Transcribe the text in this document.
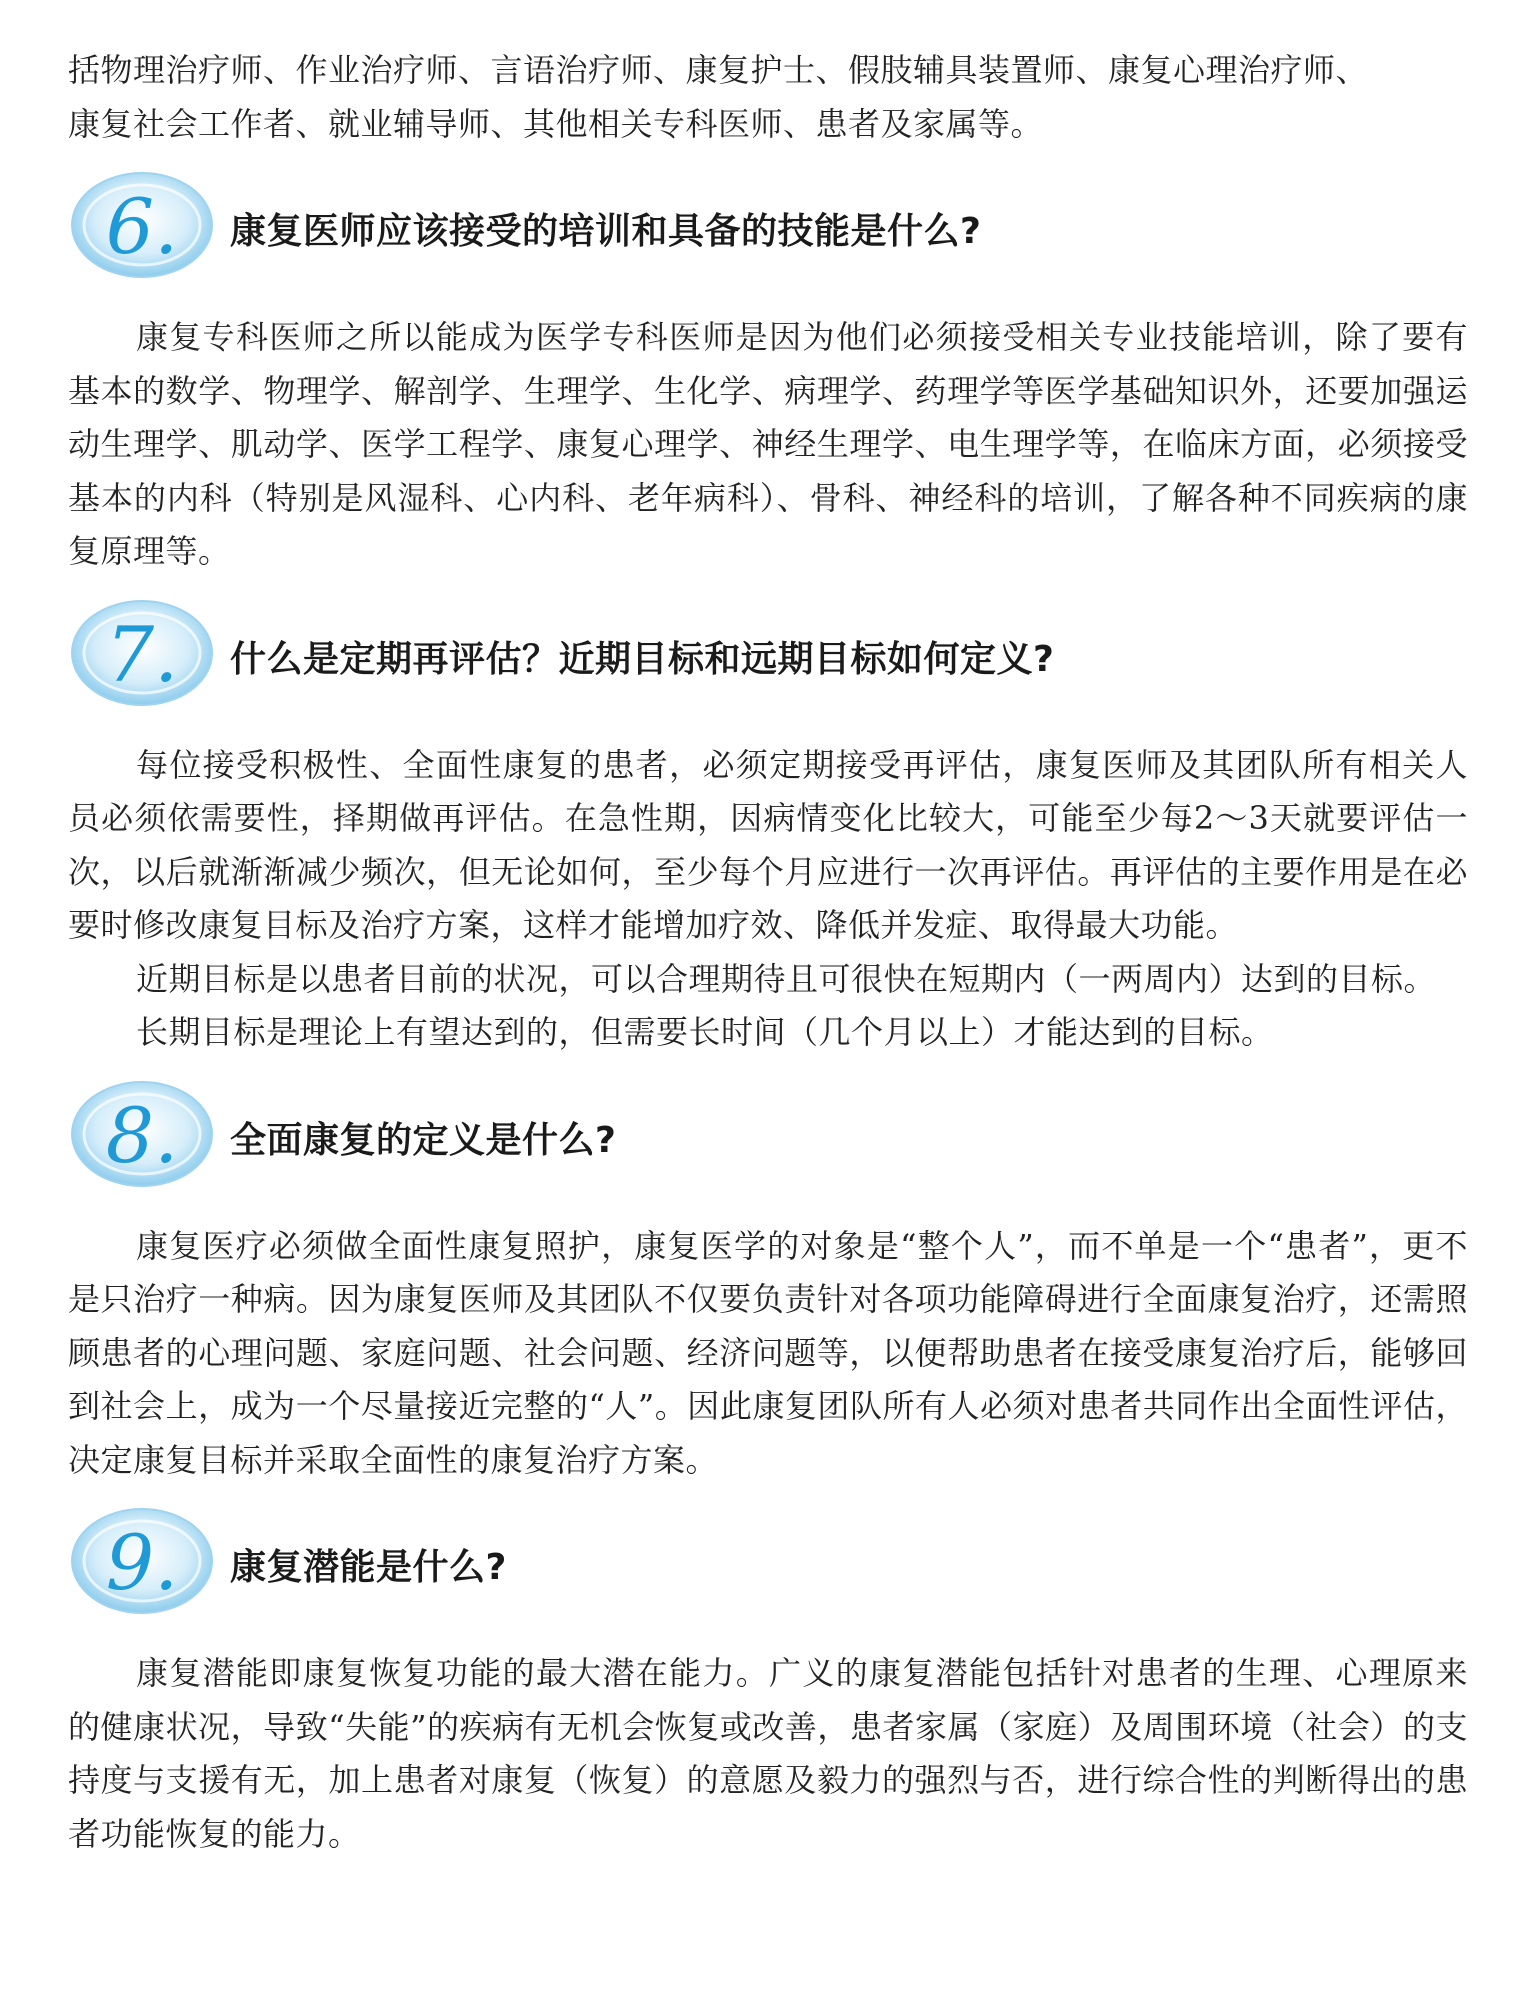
括物理治疗师、作业治疗师、言语治疗师、康复护士、假肢辅具装置师、康复心理治疗师、

康复社会工作者、就业辅导师、其他相关专科医师、患者及家属等。

6. 康复医师应该接受的培训和具备的技能是什么?

康复专科医师之所以能成为医学专科医师是因为他们必须接受相关专业技能培训，除了要有基本的数学、物理学、解剖学、生理学、生化学、病理学、药理学等医学基础知识外，还要加强运动生理学、肌动学、医学工程学、康复心理学、神经生理学、电生理学等，在临床方面，必须接受基本的内科（特别是风湿科、心内科、老年病科）、骨科、神经科的培训，了解各种不同疾病的康复原理等。

7. 什么是定期再评估？近期目标和远期目标如何定义?

每位接受积极性、全面性康复的患者，必须定期接受再评估，康复医师及其团队所有相关人员必须依需要性，择期做再评估。在急性期，因病情变化比较大，可能至少每2～3天就要评估一次，以后就渐渐减少频次，但无论如何，至少每个月应进行一次再评估。再评估的主要作用是在必要时修改康复目标及治疗方案，这样才能增加疗效、降低并发症、取得最大功能。

近期目标是以患者目前的状况，可以合理期待且可很快在短期内（一两周内）达到的目标。

长期目标是理论上有望达到的，但需要长时间（几个月以上）才能达到的目标。

8. 全面康复的定义是什么?

康复医疗必须做全面性康复照护，康复医学的对象是“整个人”，而不单是一个“患者”，更不是只治疗一种病。因为康复医师及其团队不仅要负责针对各项功能障碍进行全面康复治疗，还需照顾患者的心理问题、家庭问题、社会问题、经济问题等，以便帮助患者在接受康复治疗后，能够回到社会上，成为一个尽量接近完整的“人”。因此康复团队所有人必须对患者共同作出全面性评估，决定康复目标并采取全面性的康复治疗方案。

9. 康复潜能是什么?

康复潜能即康复恢复功能的最大潜在能力。广义的康复潜能包括针对患者的生理、心理原来的健康状况，导致“失能”的疾病有无机会恢复或改善，患者家属（家庭）及周围环境（社会）的支持度与支援有无，加上患者对康复（恢复）的意愿及毅力的强烈与否，进行综合性的判断得出的患者功能恢复的能力。
